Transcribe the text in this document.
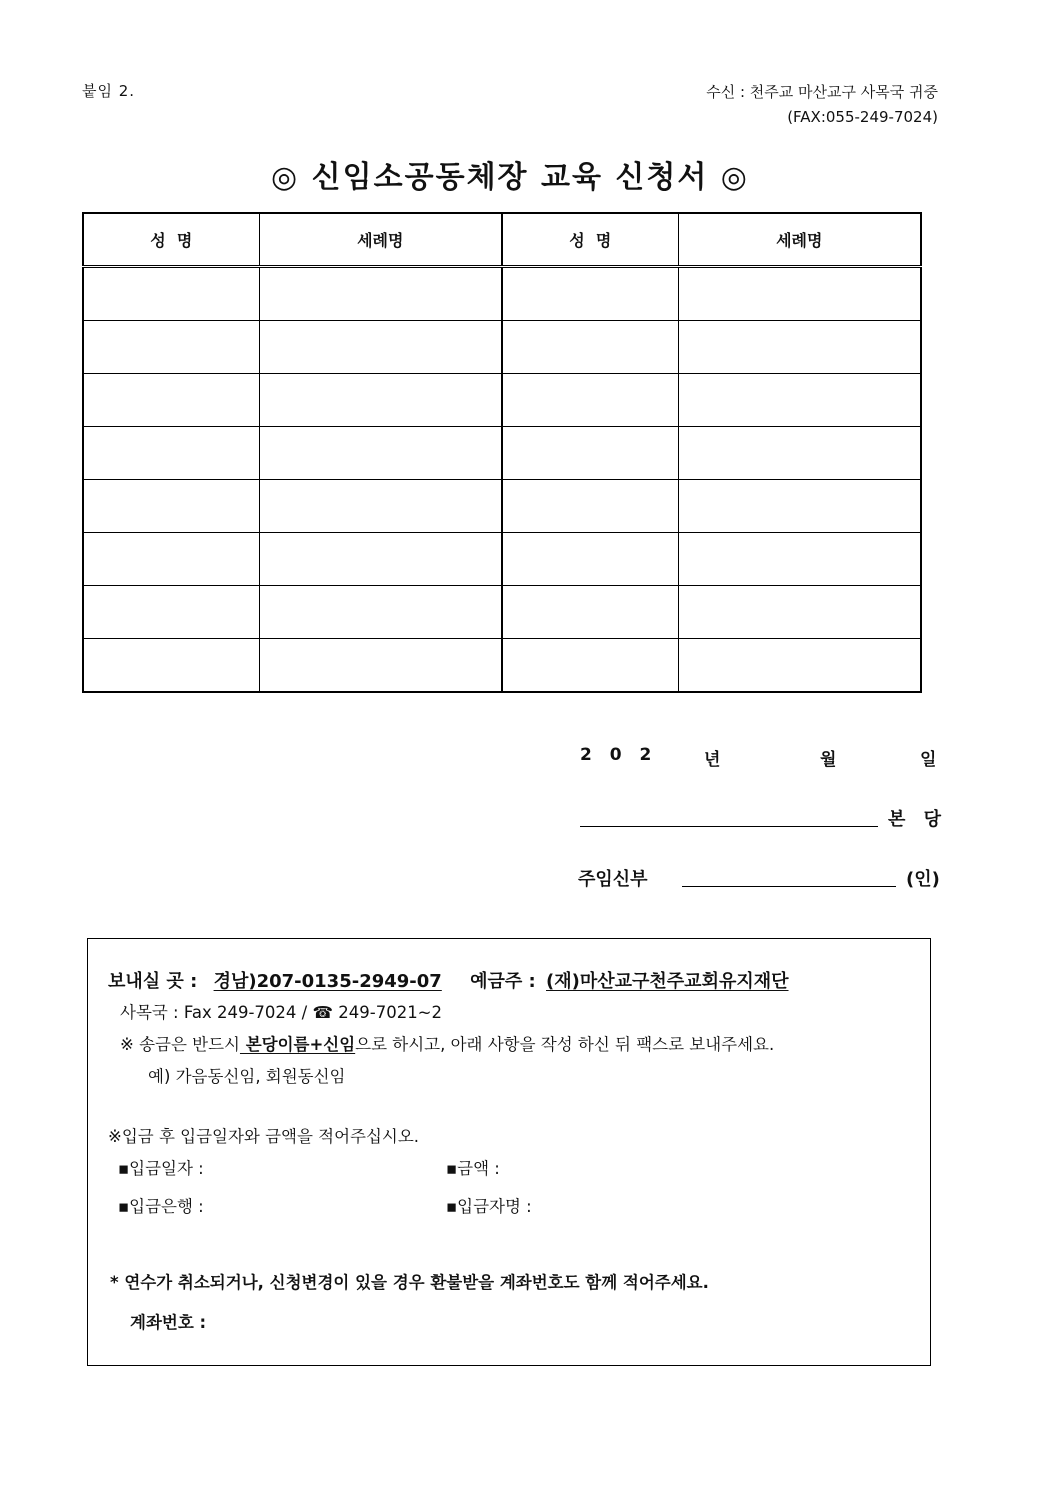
붙임 2.	수신 : 천주교 마산교구 사목국 귀중
(FAX:055-249-7024)
◎ 신임소공동체장 교육 신청서 ◎
성  명	세례명	성  명	세례명

2 0 2	년	월	일
본 당
주임신부	(인)
보내실 곳 : 경남)207-0135-2949-07 예금주 : (재)마산교구천주교회유지재단
사목국 : Fax 249-7024 / ☎ 249-7021~2
※ 송금은 반드시 본당이름+신임으로 하시고, 아래 사항을 작성 하신 뒤 팩스로 보내주세요.
예) 가음동신임, 회원동신임
※입금 후 입금일자와 금액을 적어주십시오.
▪입금일자 :	▪금액 :
▪입금은행 :	▪입금자명 :
* 연수가 취소되거나, 신청변경이 있을 경우 환불받을 계좌번호도 함께 적어주세요.
계좌번호 :
